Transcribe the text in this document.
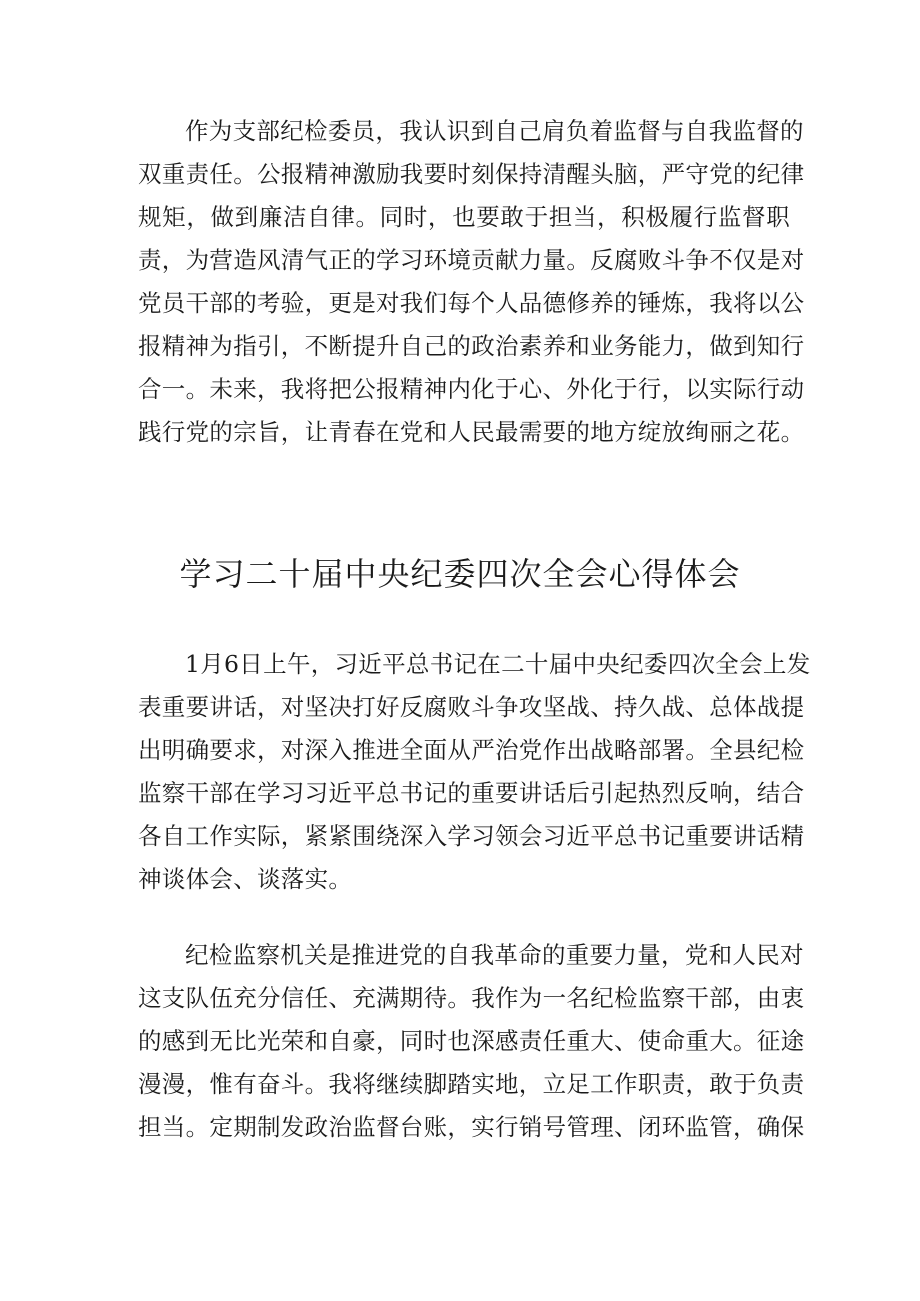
作为支部纪检委员，我认识到自己肩负着监督与自我监督的
双重责任。公报精神激励我要时刻保持清醒头脑，严守党的纪律
规矩，做到廉洁自律。同时，也要敢于担当，积极履行监督职
责，为营造风清气正的学习环境贡献力量。反腐败斗争不仅是对
党员干部的考验，更是对我们每个人品德修养的锤炼，我将以公
报精神为指引，不断提升自己的政治素养和业务能力，做到知行
合一。未来，我将把公报精神内化于心、外化于行，以实际行动
践行党的宗旨，让青春在党和人民最需要的地方绽放绚丽之花。
学习二十届中央纪委四次全会心得体会
1月6日上午，习近平总书记在二十届中央纪委四次全会上发
表重要讲话，对坚决打好反腐败斗争攻坚战、持久战、总体战提
出明确要求，对深入推进全面从严治党作出战略部署。全县纪检
监察干部在学习习近平总书记的重要讲话后引起热烈反响，结合
各自工作实际，紧紧围绕深入学习领会习近平总书记重要讲话精
神谈体会、谈落实。
纪检监察机关是推进党的自我革命的重要力量，党和人民对
这支队伍充分信任、充满期待。我作为一名纪检监察干部，由衷
的感到无比光荣和自豪，同时也深感责任重大、使命重大。征途
漫漫，惟有奋斗。我将继续脚踏实地，立足工作职责，敢于负责
担当。定期制发政治监督台账，实行销号管理、闭环监管，确保
